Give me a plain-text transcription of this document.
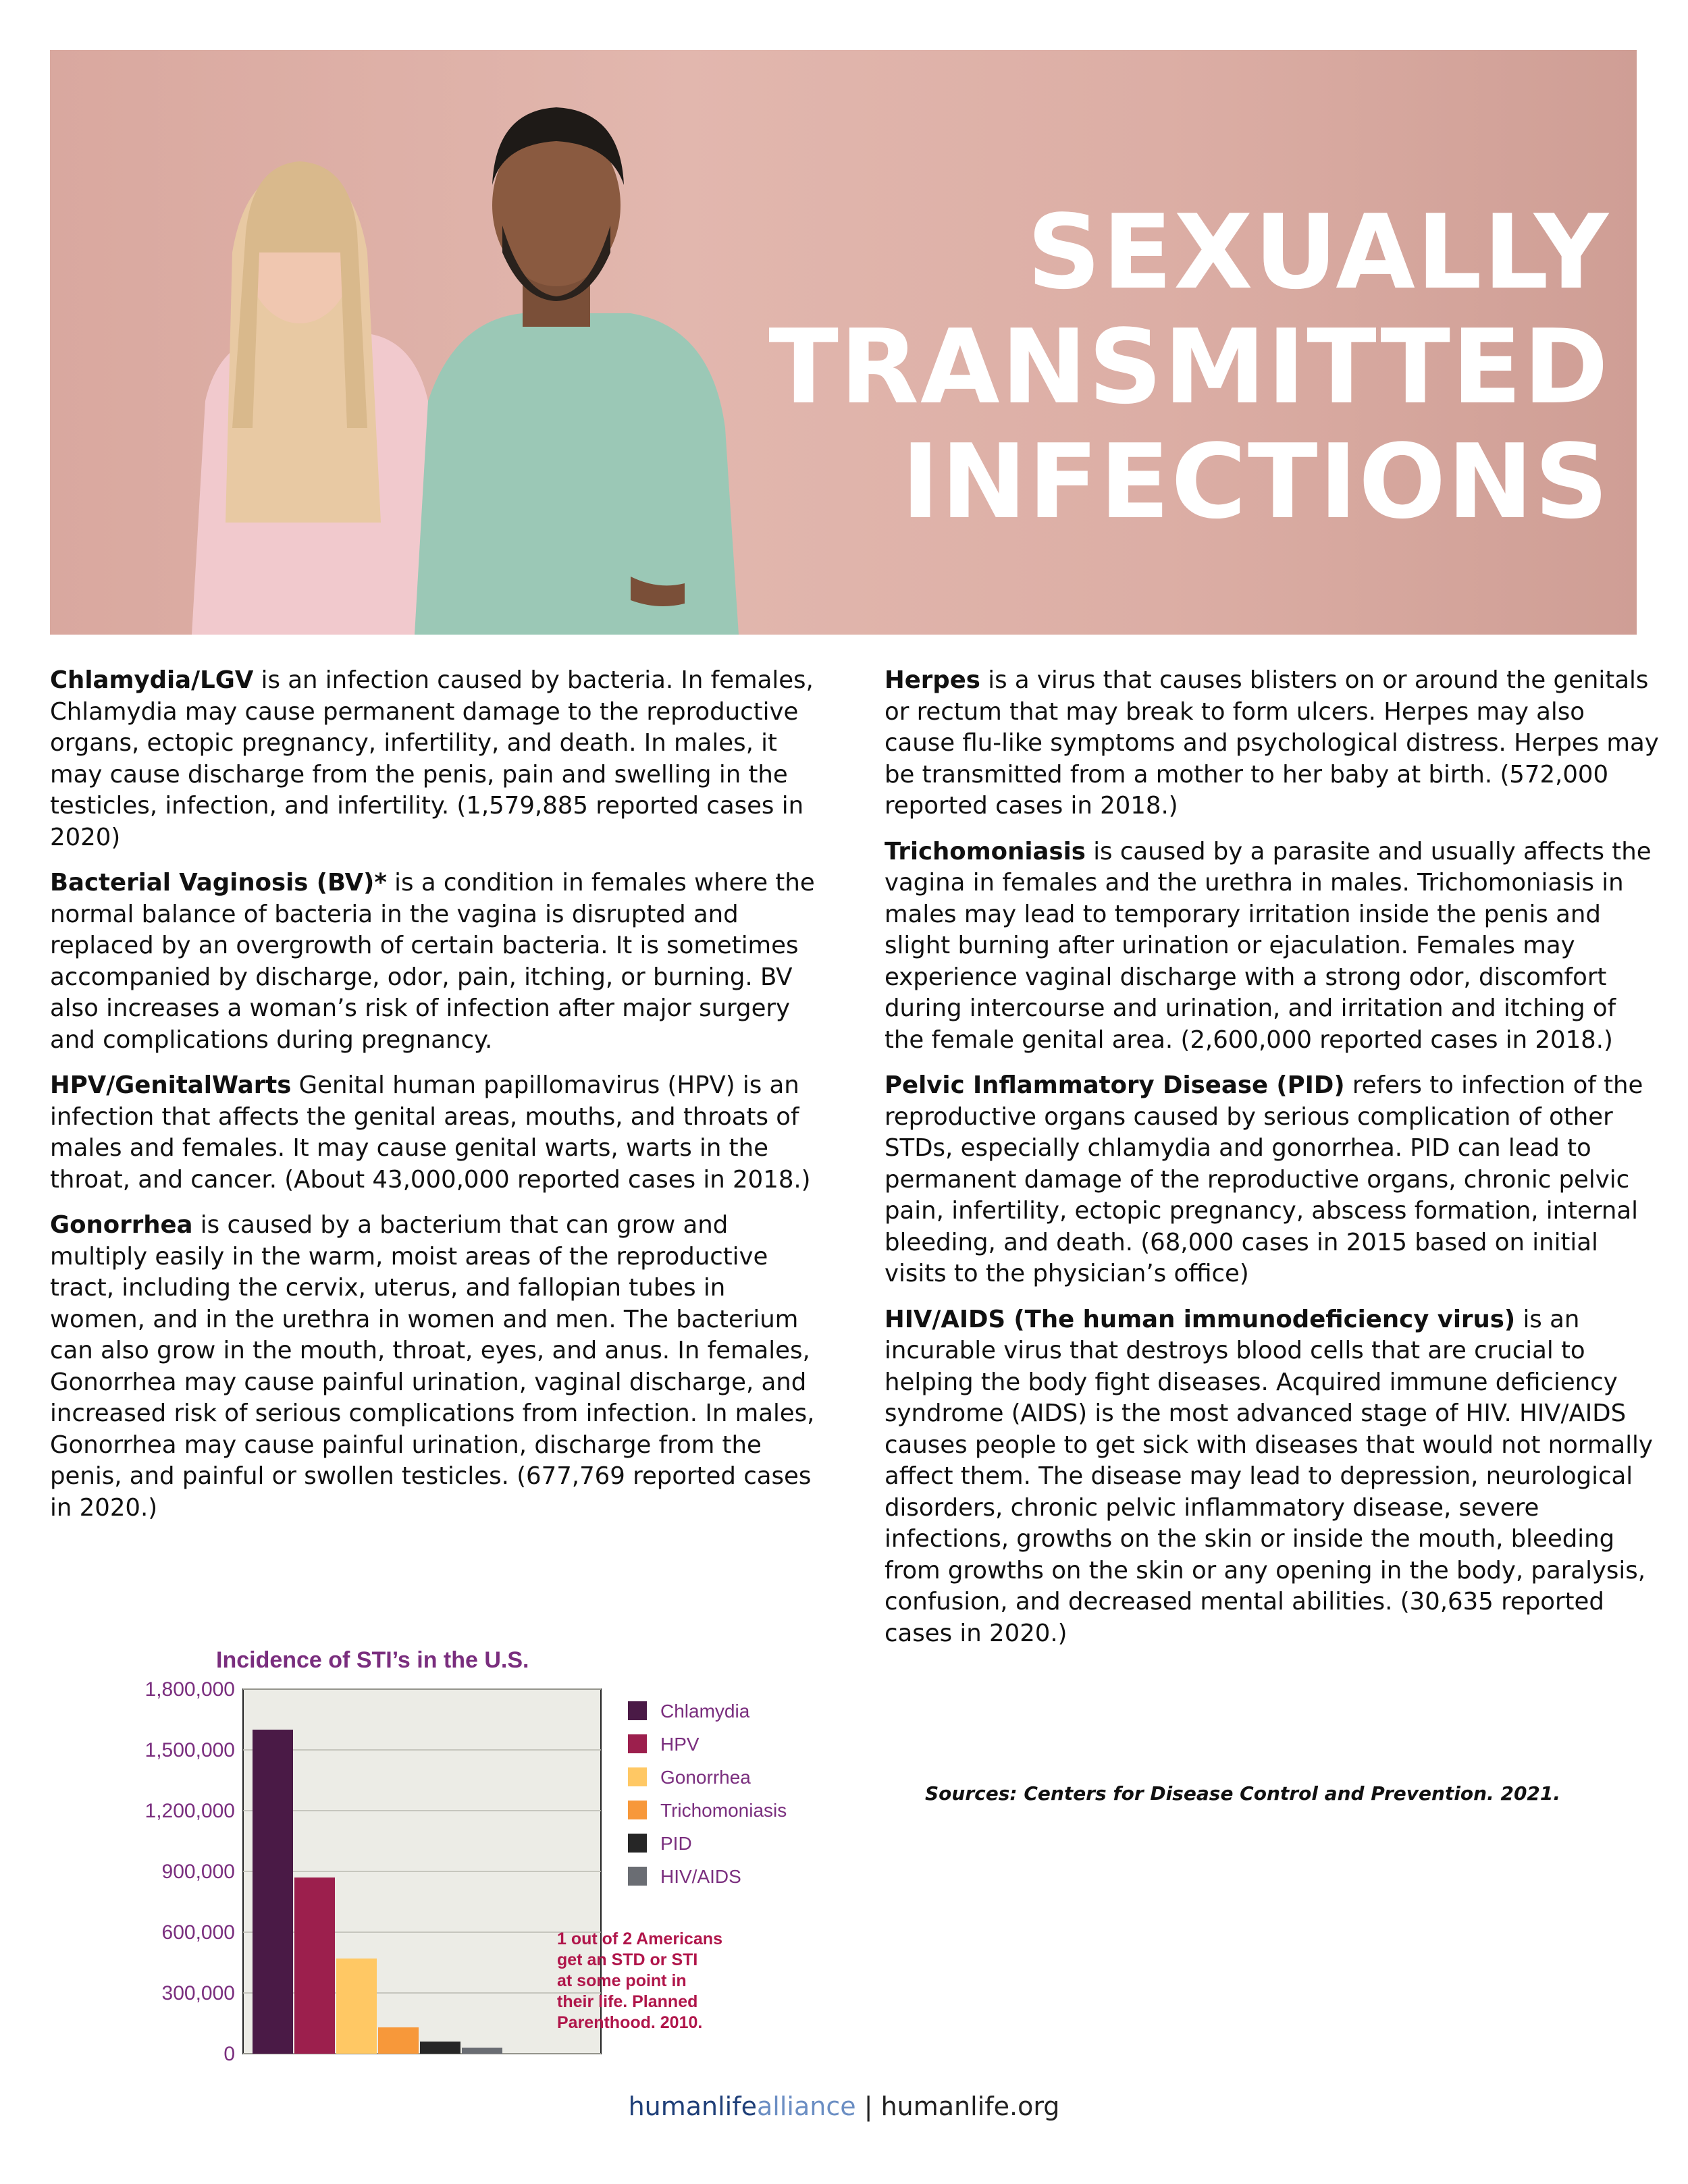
SEXUALLY
TRANSMITTED
INFECTIONS

Chlamydia/LGV is an infection caused by bacteria. In females, Chlamydia may cause permanent damage to the reproductive organs, ectopic pregnancy, infertility, and death. In males, it may cause discharge from the penis, pain and swelling in the testicles, infection, and infertility. (1,579,885 reported cases in 2020)

Bacterial Vaginosis (BV)* is a condition in females where the normal balance of bacteria in the vagina is disrupted and replaced by an overgrowth of certain bacteria. It is sometimes accompanied by discharge, odor, pain, itching, or burning. BV also increases a woman’s risk of infection after major surgery and complications during pregnancy.

HPV/GenitalWarts Genital human papillomavirus (HPV) is an infection that affects the genital areas, mouths, and throats of males and females. It may cause genital warts, warts in the throat, and cancer. (About 43,000,000 reported cases in 2018.)

Gonorrhea is caused by a bacterium that can grow and multiply easily in the warm, moist areas of the reproductive tract, including the cervix, uterus, and fallopian tubes in women, and in the urethra in women and men. The bacterium can also grow in the mouth, throat, eyes, and anus. In females, Gonorrhea may cause painful urination, vaginal discharge, and increased risk of serious complications from infection. In males, Gonorrhea may cause painful urination, discharge from the penis, and painful or swollen testicles. (677,769 reported cases in 2020.)

Herpes is a virus that causes blisters on or around the genitals or rectum that may break to form ulcers. Herpes may also cause flu-like symptoms and psychological distress. Herpes may be transmitted from a mother to her baby at birth. (572,000 reported cases in 2018.)

Trichomoniasis is caused by a parasite and usually affects the vagina in females and the urethra in males. Trichomoniasis in males may lead to temporary irritation inside the penis and slight burning after urination or ejaculation. Females may experience vaginal discharge with a strong odor, discomfort during intercourse and urination, and irritation and itching of the female genital area. (2,600,000 reported cases in 2018.)

Pelvic Inflammatory Disease (PID) refers to infection of the reproductive organs caused by serious complication of other STDs, especially chlamydia and gonorrhea. PID can lead to permanent damage of the reproductive organs, chronic pelvic pain, infertility, ectopic pregnancy, abscess formation, internal bleeding, and death. (68,000 cases in 2015 based on initial visits to the physician’s office)

HIV/AIDS (The human immunodeficiency virus) is an incurable virus that destroys blood cells that are crucial to helping the body fight diseases. Acquired immune deficiency syndrome (AIDS) is the most advanced stage of HIV. HIV/AIDS causes people to get sick with diseases that would not normally affect them. The disease may lead to depression, neurological disorders, chronic pelvic inflammatory disease, severe infections, growths on the skin or inside the mouth, bleeding from growths on the skin or any opening in the body, paralysis, confusion, and decreased mental abilities. (30,635 reported cases in 2020.)

Sources: Centers for Disease Control and Prevention. 2021.
Incidence of STI’s in the U.S.
1,800,000
1,500,000
1,200,000
900,000
600,000
300,000
0
Chlamydia
HPV
Gonorrhea
Trichomoniasis
PID
HIV/AIDS
1 out of 2 Americans
get an STD or STI
at some point in
their life. Planned
Parenthood. 2010.
humanlifealliance | humanlife.org
